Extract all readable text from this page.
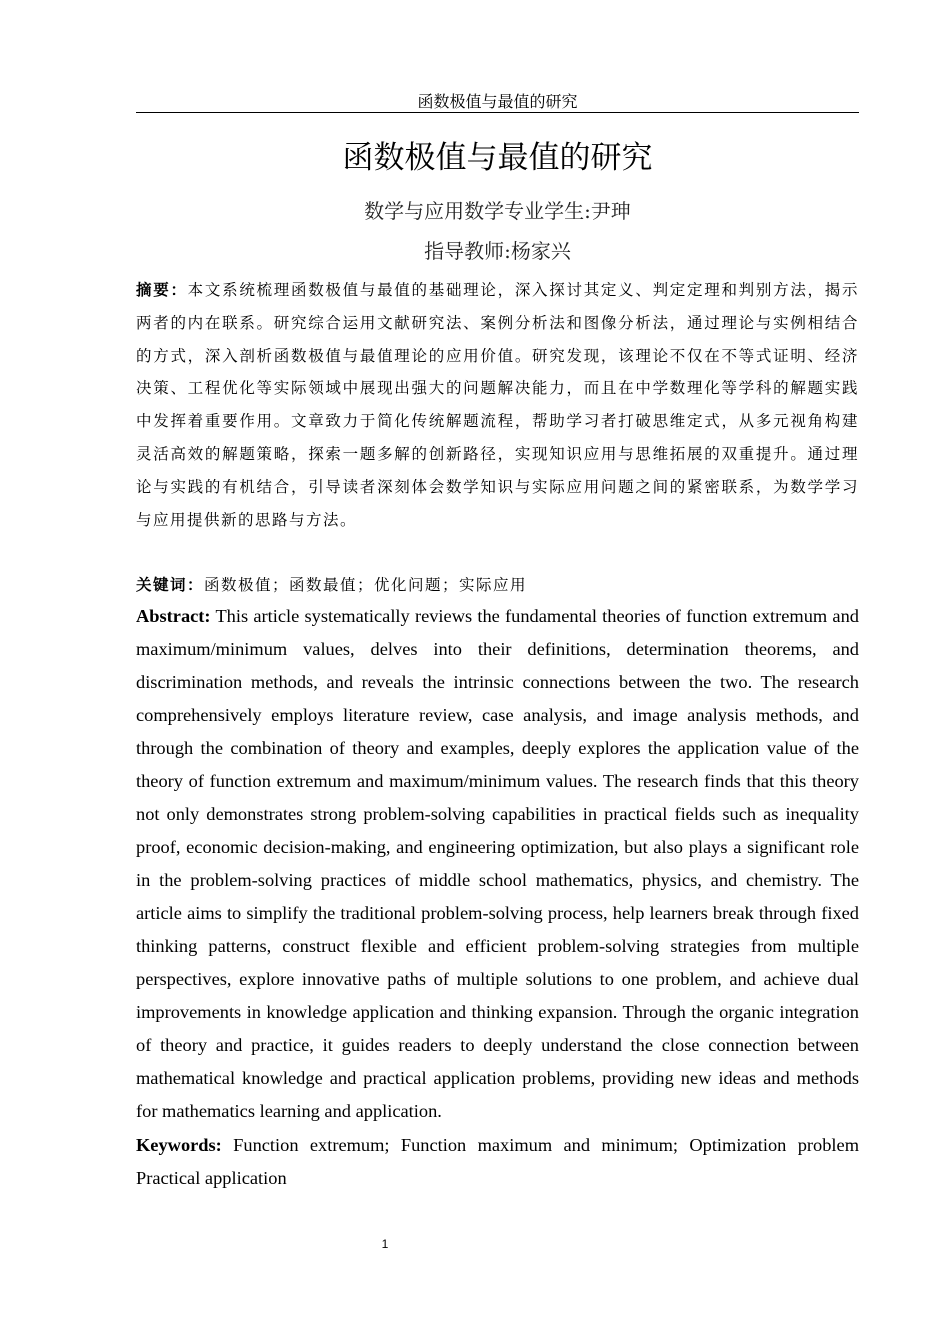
函数极值与最值的研究
函数极值与最值的研究
数学与应用数学专业学生:尹珅
指导教师:杨家兴
摘要：本文系统梳理函数极值与最值的基础理论，深入探讨其定义、判定定理和判别方法，揭示两者的内在联系。研究综合运用文献研究法、案例分析法和图像分析法，通过理论与实例相结合的方式，深入剖析函数极值与最值理论的应用价值。研究发现，该理论不仅在不等式证明、经济决策、工程优化等实际领域中展现出强大的问题解决能力，而且在中学数理化等学科的解题实践中发挥着重要作用。文章致力于简化传统解题流程，帮助学习者打破思维定式，从多元视角构建灵活高效的解题策略，探索一题多解的创新路径，实现知识应用与思维拓展的双重提升。通过理论与实践的有机结合，引导读者深刻体会数学知识与实际应用问题之间的紧密联系，为数学学习与应用提供新的思路与方法。
关键词：函数极值；函数最值；优化问题；实际应用
Abstract: This article systematically reviews the fundamental theories of function extremum and maximum/minimum values, delves into their definitions, determination theorems, and discrimination methods, and reveals the intrinsic connections between the two. The research comprehensively employs literature review, case analysis, and image analysis methods, and through the combination of theory and examples, deeply explores the application value of the theory of function extremum and maximum/minimum values. The research finds that this theory not only demonstrates strong problem-solving capabilities in practical fields such as inequality proof, economic decision-making, and engineering optimization, but also plays a significant role in the problem-solving practices of middle school mathematics, physics, and chemistry. The article aims to simplify the traditional problem-solving process, help learners break through fixed thinking patterns, construct flexible and efficient problem-solving strategies from multiple perspectives, explore innovative paths of multiple solutions to one problem, and achieve dual improvements in knowledge application and thinking expansion. Through the organic integration of theory and practice, it guides readers to deeply understand the close connection between mathematical knowledge and practical application problems, providing new ideas and methods for mathematics learning and application.
Keywords: Function extremum; Function maximum and minimum; Optimization problem Practical application
1
